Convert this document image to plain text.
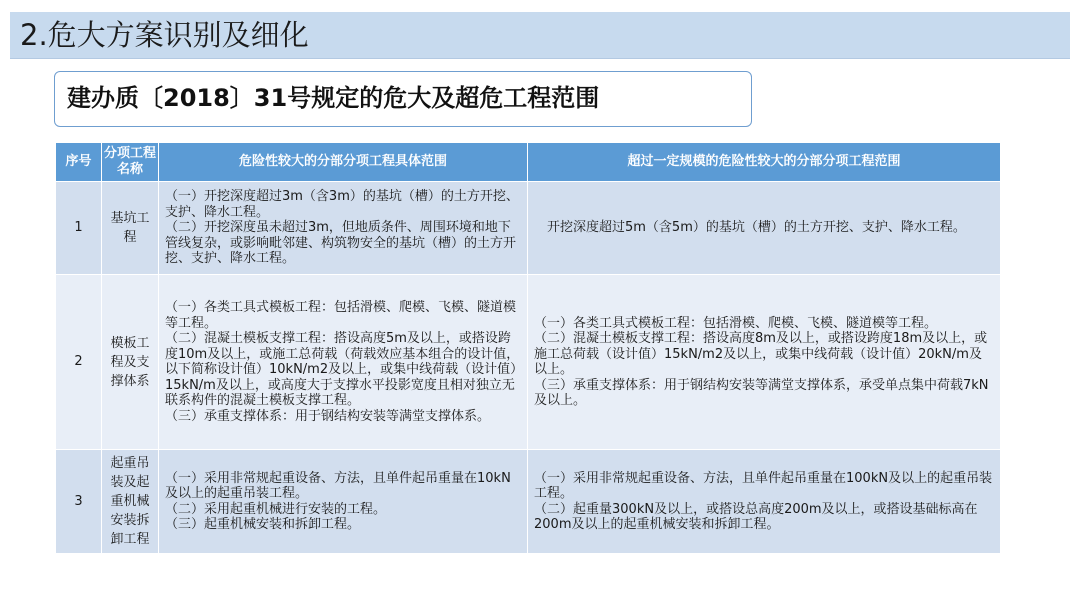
2.危大方案识别及细化
建办质〔2018〕31号规定的危大及超危工程范围
序号	分项工程名称	危险性较大的分部分项工程具体范围	超过一定规模的危险性较大的分部分项工程范围
1	基坑工程	（一）开挖深度超过3m（含3m）的基坑（槽）的土方开挖、支护、降水工程。
（二）开挖深度虽未超过3m，但地质条件、周围环境和地下管线复杂，或影响毗邻建、构筑物安全的基坑（槽）的土方开挖、支护、降水工程。	　开挖深度超过5m（含5m）的基坑（槽）的土方开挖、支护、降水工程。

2	模板工程及支撑体系	（一）各类工具式模板工程：包括滑模、爬模、飞模、隧道模等工程。
（二）混凝土模板支撑工程：搭设高度5m及以上，或搭设跨度10m及以上，或施工总荷载（荷载效应基本组合的设计值，以下简称设计值）10kN/m2及以上，或集中线荷载（设计值）15kN/m及以上，或高度大于支撑水平投影宽度且相对独立无联系构件的混凝土模板支撑工程。
（三）承重支撑体系：用于钢结构安装等满堂支撑体系。	（一）各类工具式模板工程：包括滑模、爬模、飞模、隧道模等工程。
（二）混凝土模板支撑工程：搭设高度8m及以上，或搭设跨度18m及以上，或施工总荷载（设计值）15kN/m2及以上，或集中线荷载（设计值）20kN/m及以上。
（三）承重支撑体系：用于钢结构安装等满堂支撑体系，承受单点集中荷载7kN及以上。

3	起重吊装及起重机械安装拆卸工程	（一）采用非常规起重设备、方法，且单件起吊重量在10kN及以上的起重吊装工程。
（二）采用起重机械进行安装的工程。
（三）起重机械安装和拆卸工程。	（一）采用非常规起重设备、方法，且单件起吊重量在100kN及以上的起重吊装工程。
（二）起重量300kN及以上，或搭设总高度200m及以上，或搭设基础标高在200m及以上的起重机械安装和拆卸工程。
